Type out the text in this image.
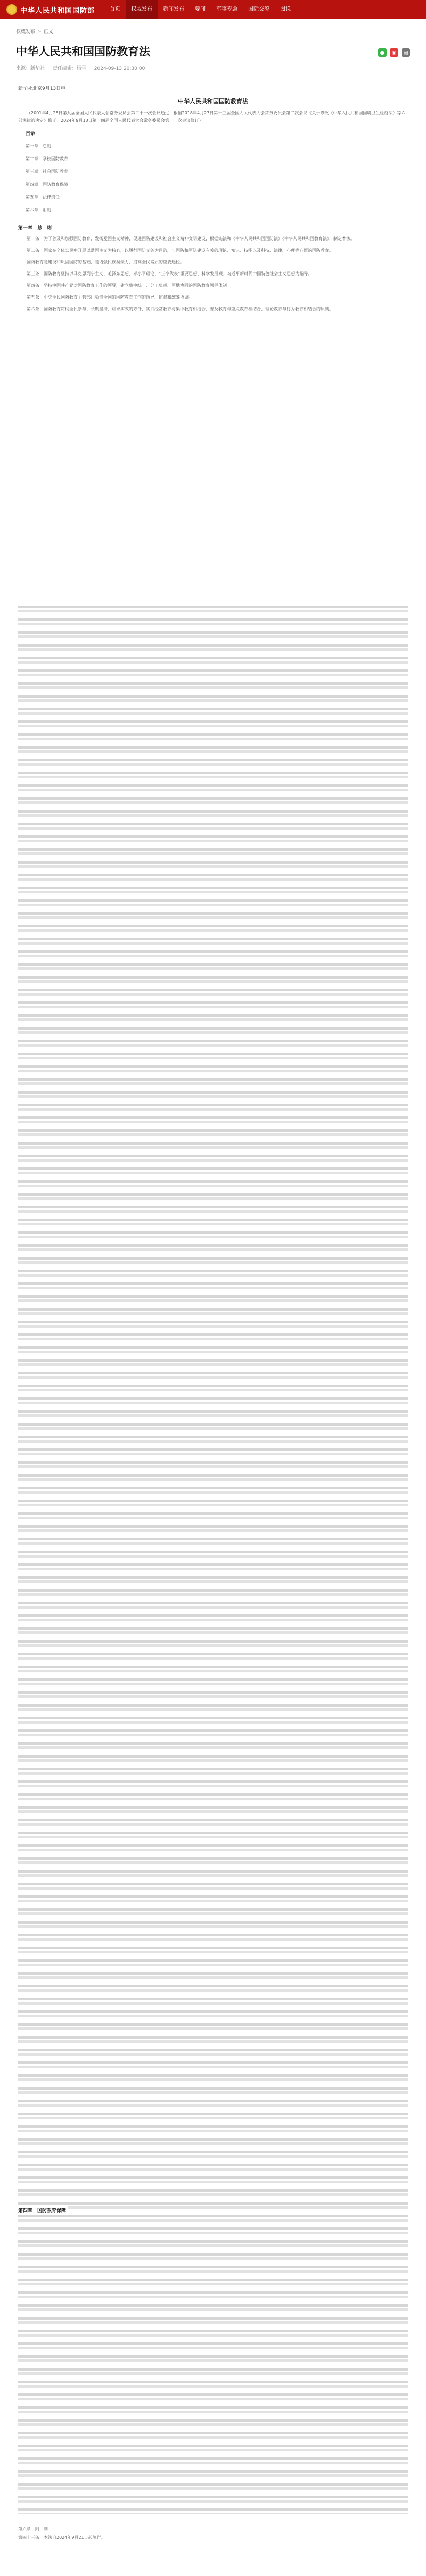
中华人民共和国国防部	首页	权威发布	新闻发布	要闻	军事专题	国际交流	图说
权威发布 > 正文
中华人民共和国国防教育法	●	◉	▤
来源：新华社 责任编辑：杨雪 2024-09-13 20:30:00
新华社北京9月13日电
中华人民共和国国防教育法
（2001年4月28日第九届全国人民代表大会常务委员会第二十一次会议通过　根据2018年4月27日第十三届全国人民代表大会常务委员会第二次会议《关于修改〈中华人民共和国国境卫生检疫法〉等六部法律的决定》修正　2024年9月13日第十四届全国人民代表大会常务委员会第十一次会议修订）
目录
第一章　总则
第二章　学校国防教育
第三章　社会国防教育
第四章　国防教育保障
第五章　法律责任
第六章　附则
第一章　总　则
第一条　为了普及和加强国防教育，发扬爱国主义精神，促进国防建设和社会主义精神文明建设，根据宪法和《中华人民共和国国防法》《中华人民共和国教育法》，制定本法。
第二条　国家在全体公民中开展以爱国主义为核心，以履行国防义务为目的，与国防和军队建设有关的理论、知识、技能以及科技、法律、心理等方面的国防教育。
国防教育是建设和巩固国防的基础，是增强民族凝聚力、提高全民素质的重要途径。
第三条　国防教育坚持以马克思列宁主义、毛泽东思想、邓小平理论、“三个代表”重要思想、科学发展观、习近平新时代中国特色社会主义思想为指导。
第四条　坚持中国共产党对国防教育工作的领导，建立集中统一、分工负责、军地协同的国防教育领导体制。
第五条　中央全民国防教育主管部门负责全国的国防教育工作的指导、监督和统筹协调。
第六条　国防教育贯彻全民参与、长期坚持、讲求实效的方针，实行经常教育与集中教育相结合、普及教育与重点教育相结合、理论教育与行为教育相结合的原则。
第四章　国防教育保障
第六章　附　则
第四十三条　本法自2024年9月21日起施行。
